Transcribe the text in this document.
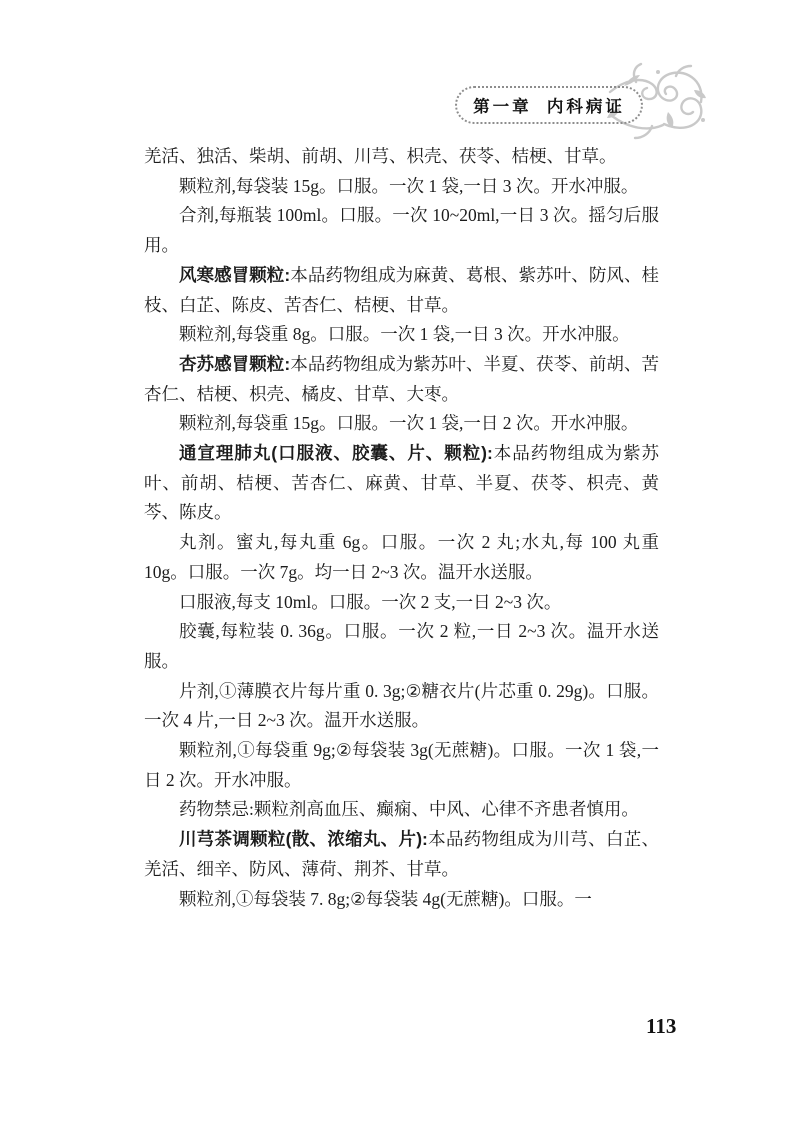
第一章  内科病证

羌活、独活、柴胡、前胡、川芎、枳壳、茯苓、桔梗、甘草。

颗粒剂,每袋装 15g。口服。一次 1 袋,一日 3 次。开水冲服。

合剂,每瓶装 100ml。口服。一次 10~20ml,一日 3 次。摇匀后服用。

风寒感冒颗粒:本品药物组成为麻黄、葛根、紫苏叶、防风、桂枝、白芷、陈皮、苦杏仁、桔梗、甘草。

颗粒剂,每袋重 8g。口服。一次 1 袋,一日 3 次。开水冲服。

杏苏感冒颗粒:本品药物组成为紫苏叶、半夏、茯苓、前胡、苦杏仁、桔梗、枳壳、橘皮、甘草、大枣。

颗粒剂,每袋重 15g。口服。一次 1 袋,一日 2 次。开水冲服。

通宣理肺丸(口服液、胶囊、片、颗粒):本品药物组成为紫苏叶、前胡、桔梗、苦杏仁、麻黄、甘草、半夏、茯苓、枳壳、黄芩、陈皮。

丸剂。蜜丸,每丸重 6g。口服。一次 2 丸;水丸,每 100 丸重 10g。口服。一次 7g。均一日 2~3 次。温开水送服。

口服液,每支 10ml。口服。一次 2 支,一日 2~3 次。

胶囊,每粒装 0. 36g。口服。一次 2 粒,一日 2~3 次。温开水送服。

片剂,①薄膜衣片每片重 0. 3g;②糖衣片(片芯重 0. 29g)。口服。一次 4 片,一日 2~3 次。温开水送服。

颗粒剂,①每袋重 9g;②每袋装 3g(无蔗糖)。口服。一次 1 袋,一日 2 次。开水冲服。

药物禁忌:颗粒剂高血压、癫痫、中风、心律不齐患者慎用。

川芎茶调颗粒(散、浓缩丸、片):本品药物组成为川芎、白芷、羌活、细辛、防风、薄荷、荆芥、甘草。

颗粒剂,①每袋装 7. 8g;②每袋装 4g(无蔗糖)。口服。一

113
